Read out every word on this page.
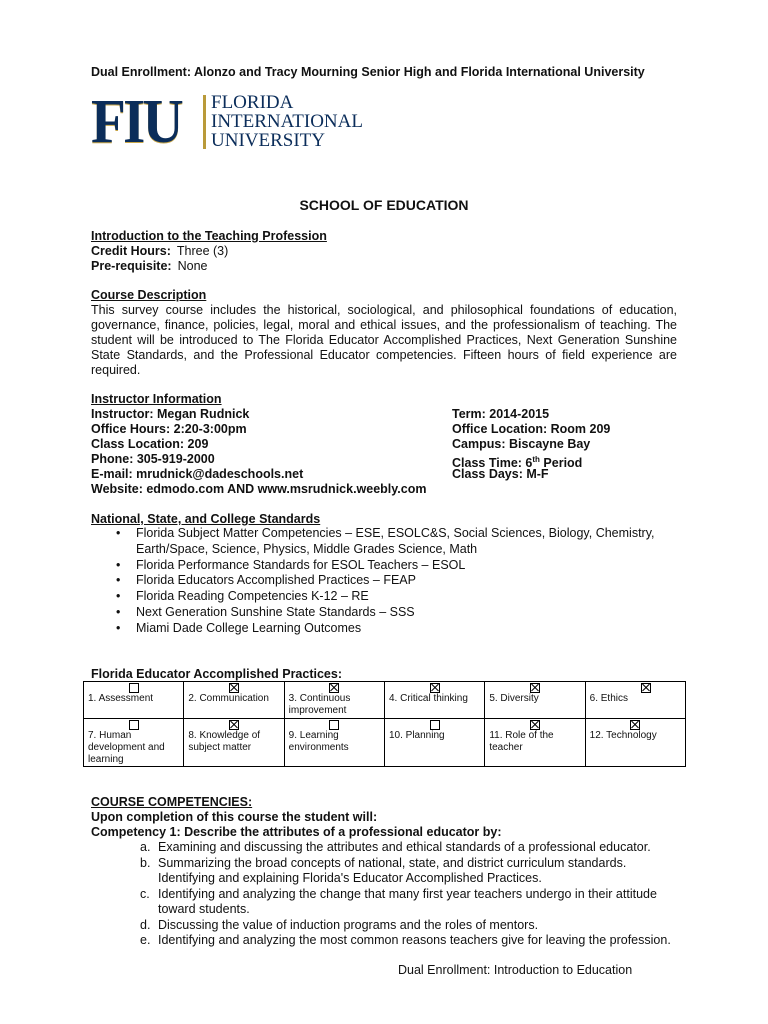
Dual Enrollment: Alonzo and Tracy Mourning Senior High and Florida International University
FIU	FLORIDA
INTERNATIONAL
UNIVERSITY
SCHOOL OF EDUCATION
Introduction to the Teaching Profession
Credit Hours: Three (3)
Pre-requisite: None
Course Description
This survey course includes the historical, sociological, and philosophical foundations of education, governance, finance, policies, legal, moral and ethical issues, and the professionalism of teaching. The student will be introduced to The Florida Educator Accomplished Practices, Next Generation Sunshine State Standards, and the Professional Educator competencies. Fifteen hours of field experience are required.
Instructor Information
Instructor: Megan Rudnick
Office Hours: 2:20-3:00pm
Class Location: 209
Phone: 305-919-2000
E-mail: mrudnick@dadeschools.net
Website: edmodo.com AND www.msrudnick.weebly.com
Term: 2014-2015
Office Location: Room 209
Campus: Biscayne Bay
Class Time: 6th Period
Class Days: M-F
National, State, and College Standards
• Florida Subject Matter Competencies – ESE, ESOLC&S, Social Sciences, Biology, Chemistry, Earth/Space, Science, Physics, Middle Grades Science, Math
• Florida Performance Standards for ESOL Teachers – ESOL
• Florida Educators Accomplished Practices – FEAP
• Florida Reading Competencies K-12 – RE
• Next Generation Sunshine State Standards – SSS
• Miami Dade College Learning Outcomes
Florida Educator Accomplished Practices:
1. Assessment	2. Communication	3. Continuous improvement	4. Critical thinking	5. Diversity	6. Ethics

7. Human development and learning	8. Knowledge of subject matter	9. Learning environments	10. Planning	11. Role of the teacher	12. Technology
COURSE COMPETENCIES:
Upon completion of this course the student will:
Competency 1: Describe the attributes of a professional educator by:
a. Examining and discussing the attributes and ethical standards of a professional educator.
b. Summarizing the broad concepts of national, state, and district curriculum standards.
Identifying and explaining Florida's Educator Accomplished Practices.
c. Identifying and analyzing the change that many first year teachers undergo in their attitude
toward students.
d. Discussing the value of induction programs and the roles of mentors.
e. Identifying and analyzing the most common reasons teachers give for leaving the profession.
Dual Enrollment: Introduction to Education
